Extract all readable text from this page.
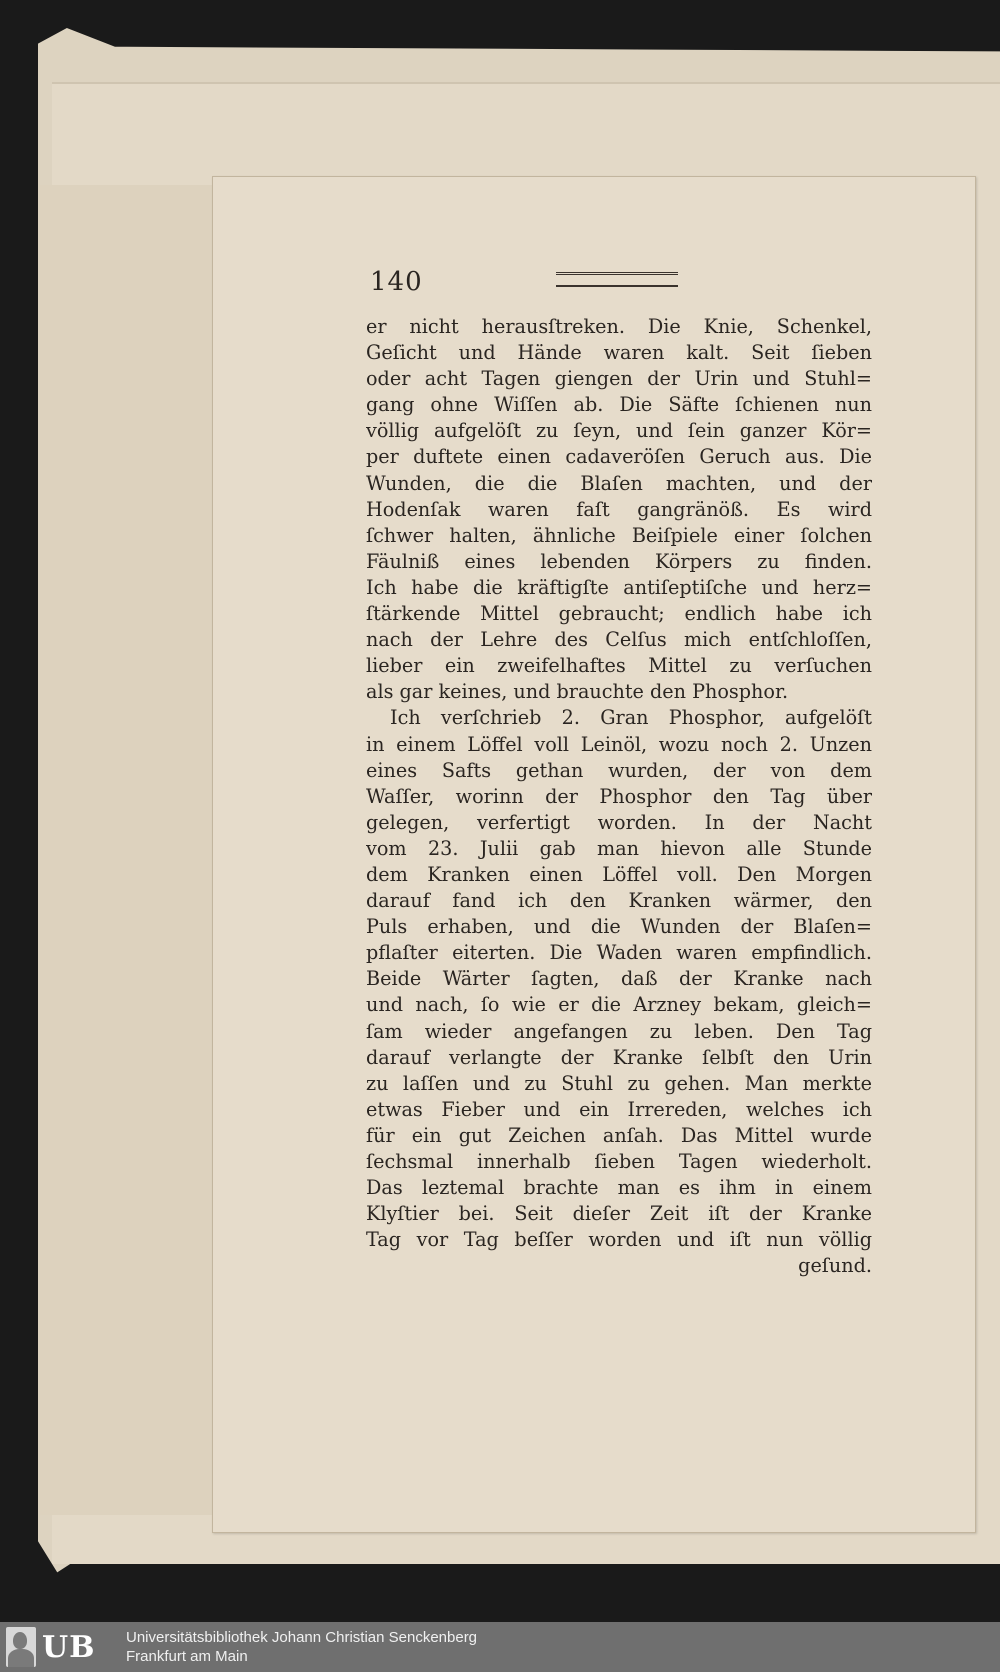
140
er nicht herausſtreken. Die Knie, Schenkel,
Geſicht und Hände waren kalt. Seit ſieben
oder acht Tagen giengen der Urin und Stuhl=
gang ohne Wiſſen ab. Die Säfte ſchienen nun
völlig aufgelöſt zu ſeyn, und ſein ganzer Kör=
per duftete einen cadaveröſen Geruch aus. Die
Wunden, die die Blaſen machten, und der
Hodenſak waren faſt gangränöß. Es wird
ſchwer halten, ähnliche Beiſpiele einer ſolchen
Fäulniß eines lebenden Körpers zu finden.
Ich habe die kräftigſte antiſeptiſche und herz=
ſtärkende Mittel gebraucht; endlich habe ich
nach der Lehre des Celſus mich entſchloſſen,
lieber ein zweifelhaftes Mittel zu verſuchen
als gar keines, und brauchte den Phosphor.
Ich verſchrieb 2. Gran Phosphor, aufgelöſt
in einem Löffel voll Leinöl, wozu noch 2. Unzen
eines Safts gethan wurden, der von dem
Waſſer, worinn der Phosphor den Tag über
gelegen, verfertigt worden. In der Nacht
vom 23. Julii gab man hievon alle Stunde
dem Kranken einen Löffel voll. Den Morgen
darauf fand ich den Kranken wärmer, den
Puls erhaben, und die Wunden der Blaſen=
pflaſter eiterten. Die Waden waren empfindlich.
Beide Wärter ſagten, daß der Kranke nach
und nach, ſo wie er die Arzney bekam, gleich=
ſam wieder angefangen zu leben. Den Tag
darauf verlangte der Kranke ſelbſt den Urin
zu laſſen und zu Stuhl zu gehen. Man merkte
etwas Fieber und ein Irrereden, welches ich
für ein gut Zeichen anſah. Das Mittel wurde
ſechsmal innerhalb ſieben Tagen wiederholt.
Das leztemal brachte man es ihm in einem
Klyſtier bei. Seit dieſer Zeit iſt der Kranke
Tag vor Tag beſſer worden und iſt nun völlig
geſund.
UB Universitätsbibliothek Johann Christian Senckenberg
Frankfurt am Main
